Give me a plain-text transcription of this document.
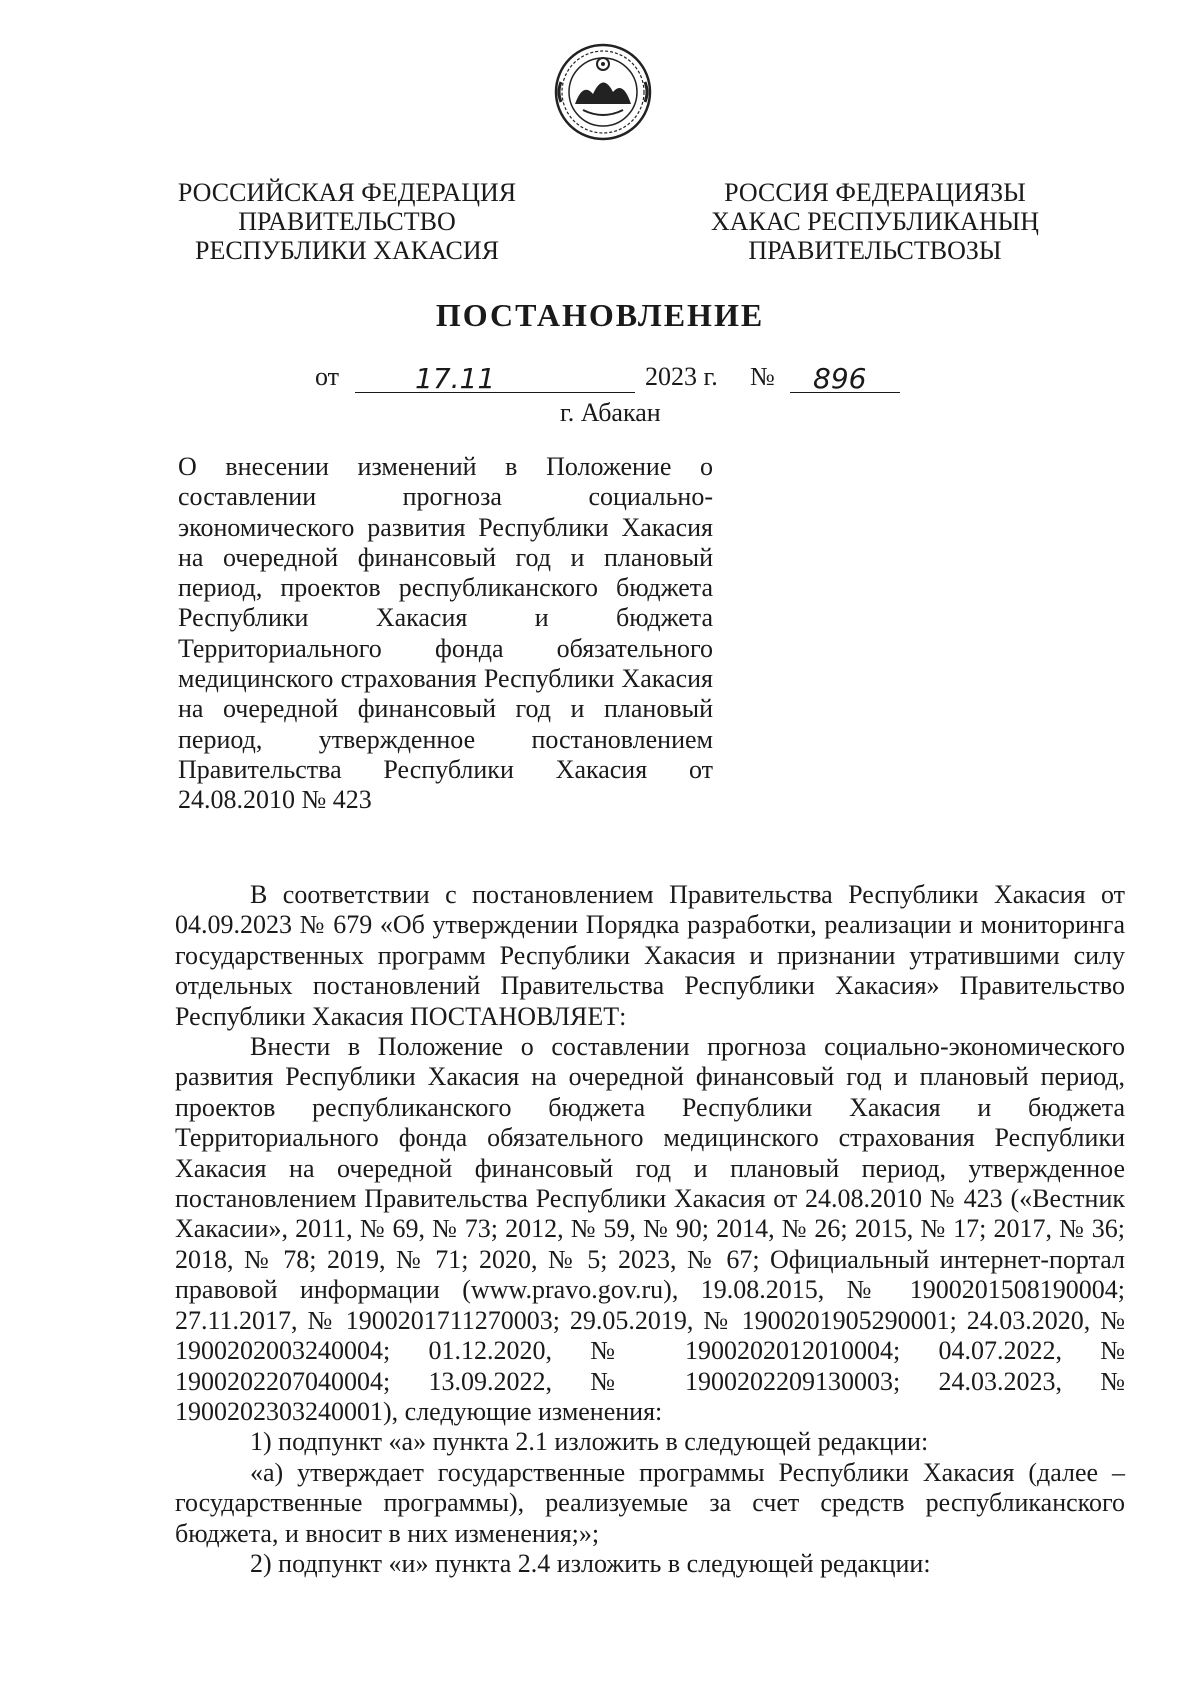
РОССИЙСКАЯ ФЕДЕРАЦИЯ
ПРАВИТЕЛЬСТВО
РЕСПУБЛИКИ ХАКАСИЯ
РОССИЯ ФЕДЕРАЦИЯЗЫ
ХАКАС РЕСПУБЛИКАНЫҢ
ПРАВИТЕЛЬСТВОЗЫ
ПОСТАНОВЛЕНИЕ
от	17.11	2023 г. № 896
г. Абакан

О внесении изменений в Положение о составлении прогноза социально-экономического развития Республики Хакасия на очередной финансовый год и плановый период, проектов республиканского бюджета Республики Хакасия и бюджета Территориального фонда обязательного медицинского страхования Республики Хакасия на очередной финансовый год и плановый период, утвержденное постановлением Правительства Республики Хакасия от 24.08.2010 № 423

В соответствии с постановлением Правительства Республики Хакасия от 04.09.2023 № 679 «Об утверждении Порядка разработки, реализации и мониторинга государственных программ Республики Хакасия и признании утратившими силу отдельных постановлений Правительства Республики Хакасия» Правительство Республики Хакасия ПОСТАНОВЛЯЕТ:

Внести в Положение о составлении прогноза социально-экономического развития Республики Хакасия на очередной финансовый год и плановый период, проектов республиканского бюджета Республики Хакасия и бюджета Территориального фонда обязательного медицинского страхования Республики Хакасия на очередной финансовый год и плановый период, утвержденное постановлением Правительства Республики Хакасия от 24.08.2010 № 423 («Вестник Хакасии», 2011, № 69, № 73; 2012, № 59, № 90; 2014, № 26; 2015, № 17; 2017, № 36; 2018, № 78; 2019, № 71; 2020, № 5; 2023, № 67; Официальный интернет-портал правовой информации (www.pravo.gov.ru), 19.08.2015, № 1900201508190004; 27.11.2017, № 1900201711270003; 29.05.2019, № 1900201905290001; 24.03.2020, № 1900202003240004; 01.12.2020, № 1900202012010004; 04.07.2022, № 1900202207040004; 13.09.2022, № 1900202209130003; 24.03.2023, № 1900202303240001), следующие изменения:

1) подпункт «а» пункта 2.1 изложить в следующей редакции:

«а) утверждает государственные программы Республики Хакасия (далее – государственные программы), реализуемые за счет средств республиканского бюджета, и вносит в них изменения;»;

2) подпункт «и» пункта 2.4 изложить в следующей редакции:
